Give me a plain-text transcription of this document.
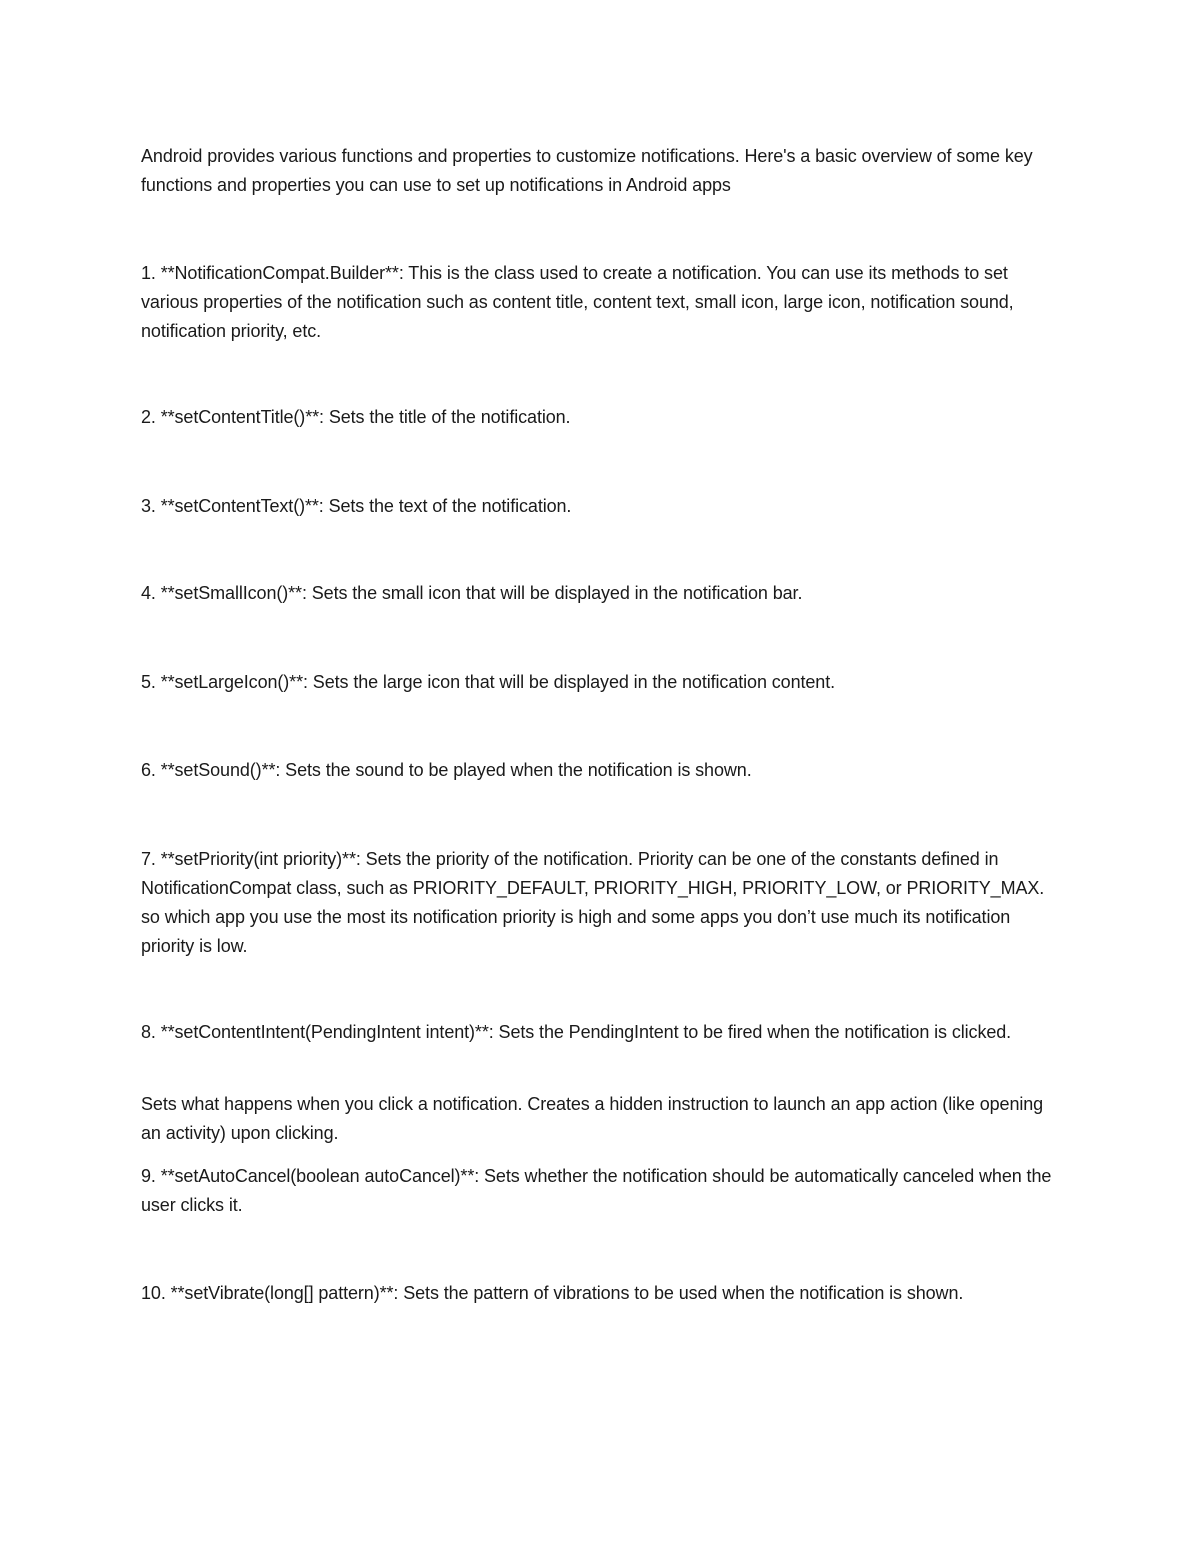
Android provides various functions and properties to customize notifications. Here's a basic overview of some key functions and properties you can use to set up notifications in Android apps

1. **NotificationCompat.Builder**: This is the class used to create a notification. You can use its methods to set various properties of the notification such as content title, content text, small icon, large icon, notification sound, notification priority, etc.

2. **setContentTitle()**: Sets the title of the notification.

3. **setContentText()**: Sets the text of the notification.

4. **setSmallIcon()**: Sets the small icon that will be displayed in the notification bar.

5. **setLargeIcon()**: Sets the large icon that will be displayed in the notification content.

6. **setSound()**: Sets the sound to be played when the notification is shown.

7. **setPriority(int priority)**: Sets the priority of the notification. Priority can be one of the constants defined in NotificationCompat class, such as PRIORITY_DEFAULT, PRIORITY_HIGH, PRIORITY_LOW, or PRIORITY_MAX. so which app you use the most its notification priority is high and some apps you don’t use much its notification priority is low.

8. **setContentIntent(PendingIntent intent)**: Sets the PendingIntent to be fired when the notification is clicked.

Sets what happens when you click a notification. Creates a hidden instruction to launch an app action (like opening an activity) upon clicking.

9. **setAutoCancel(boolean autoCancel)**: Sets whether the notification should be automatically canceled when the user clicks it.

10. **setVibrate(long[] pattern)**: Sets the pattern of vibrations to be used when the notification is shown.
